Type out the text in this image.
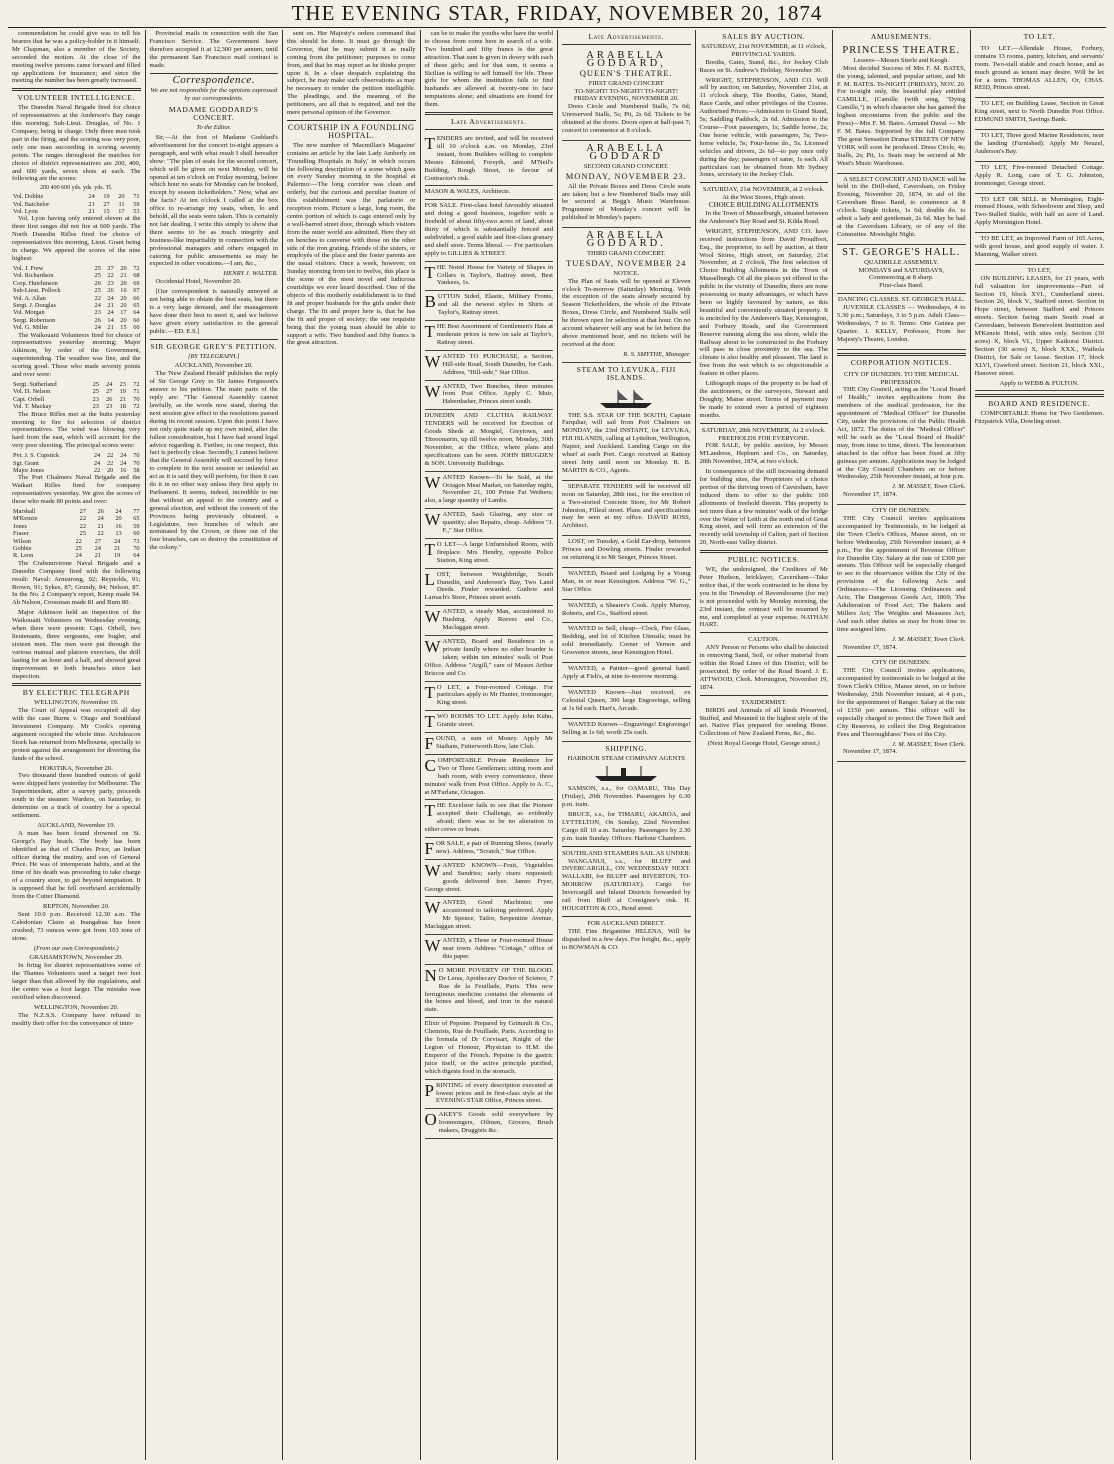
THE EVENING STAR, FRIDAY, NOVEMBER 20, 1874

commendation he could give was to tell his hearers that he was a policy-holder in it himself. Mr Chapman, also a member of the Society, seconded the motion. At the close of the meeting twelve persons came forward and filled up applications for insurance; and since the meeting the number has been greatly increased.

VOLUNTEER INTELLIGENCE.

The Dunedin Naval Brigade fired for choice of representatives at the Anderson's Bay range this morning; Sub-Lieut. Douglas, of No. 1 Company, being in charge. Only three men took part in the firing, and the scoring was very poor, only one man succeeding in scoring seventy points. The ranges throughout the matches for choice of district representatives are 200, 400, and 600 yards, seven shots at each. The following are the scores:

200 400 600 yds. yds. yds. Tl.
Vol. Dobbie	24	19	20	71
Vol. Batchelor	21	27	11	59
Vol. Lyon	21	15	17	53

Vol. Lyon having only entered eleven at the three first ranges did not fire at 600 yards. The North Dunedin Rifles fired for choice of representatives this morning, Lieut. Grant being in charge. We append the scores of the nine highest:

Vol. J. Frew	25	27	20	72
Vol. Richardson	25	22	21	68
Corp. Hutchinson	26	23	20	69
Sub-Lieut. Pollock	25	26	16	67
Vol. A. Allan	22	24	20	66
Sergt. J. Douglas	24	21	20	65
Vol. Morgan	23	24	17	64
Sergt. Robertson	26	14	20	60
Vol. G. Miller	24	21	15	60

The Waikouaiti Volunteers fired for choice of representatives yesterday morning; Major Atkinson, by order of the Government, superintending. The weather was fine, and the scoring good. Those who made seventy points and over were:

Sergt. Sutherland	25	24	23	72
Vol. D. Nelson	25	27	19	71
Capt. Orbell	23	26	21	70
Vol. T. Mackay	23	23	18	72

The Bruce Rifles met at the butts yesterday morning to fire for selection of district representatives. The wind was blowing very hard from the east, which will account for the very poor shooting. The principal scores were:

Pvt. J. S. Cupstick	24	22	24	70
Sgt. Grant	24	22	24	70
Major Jones	22	20	16	58

The Port Chalmers Naval Brigade and the Waikari Rifles fired for company representatives yesterday. We give the scores of those who made 80 points and over:

Marshall	27	26	24	77
M'Kenzie	22	24	20	65
Jones	22	21	16	59
Fraser	25	22	13	60
Wilson	22	27	24	73
Gobbie	25	24	21	70
R. Leon	24	21	19	64

The Crabsnuvirone Naval Brigade and a Dunedin Company fired with the following result: Naval: Armstrong, 92; Reynolds, 91; Brown, 91; Sykes, 87; Grundy, 84; Nelson, 87. In the No. 2 Company's report, Kemp made 94. Ah Nelson, Crossman made 81 and Burn 80.

Major Atkinson held an inspection of the Waikouaiti Volunteers on Wednesday evening, when there were present: Capt. Orbell, two lieutenants, three sergeants, one bugler, and sixteen men. The men were put through the various manual and platoon exercises, the drill lasting for an hour and a half, and showed great improvement in both branches since last inspection.

BY ELECTRIC TELEGRAPH
WELLINGTON, November 19.

The Court of Appeal was occupied all day with the case Burns v. Otago and Southland Investment Company. Mr Cook's opening argument occupied the whole time. Archdeacon Stock has returned from Melbourne, specially to protest against the arrangement for diverting the funds of the school.

HOKITIKA, November 20.

Two thousand three hundred ounces of gold were shipped here yesterday for Melbourne. The Superintendent, after a survey party, proceeds south in the steamer. Warders, on Saturday, to determine on a track of country for a special settlement.

AUCKLAND, November 19.

A man has been found drowned on St. George's Bay beach. The body has been identified as that of Charles Price, an Indian officer during the mutiny, and son of General Price. He was of intemperate habits, and at the time of his death was proceeding to take charge of a country store, to get beyond temptation. It is supposed that he fell overboard accidentally from the Cutter Diamond.

REPTON, November 20.

Sent 10.0 p.m. Received 12.30 a.m. The Caledonian Claim at Inangahua has been crushed; 73 ounces were got from 103 tons of stone.

(From our own Correspondents.)
GRAHAMSTOWN, November 20.

In firing for district representatives some of the Thames Volunteers used a target two feet larger than that allowed by the regulations, and the centre was a foot larger. The mistake was rectified when discovered.

WELLINGTON, November 20.

The N.Z.S.S. Company have refused to modify their offer for the conveyance of inter-

Provincial mails in connection with the San Francisco Service. The Government have therefore accepted it at 12,300 per annum, until the permanent San Francisco mail contract is made.

Correspondence.
We are not responsible for the opinions expressed by our correspondents.
MADAME GODDARD'S CONCERT.
To the Editor.

Sir,—At the foot of Madame Goddard's advertisement for the concert to-night appears a paragraph, and with what result I shall hereafter show: "The plan of seats for the second concert, which will be given on next Monday, will be opened at ten o'clock on Friday morning, before which hour no seats for Monday can be booked, except by season ticketholders." Now, what are the facts? At ten o'clock I called at the box office to re-arrange my seats, when, lo and behold, all the seats were taken. This is certainly not fair dealing. I write this simply to show that there seems to be as much integrity and business-like impartiality in connection with the professional managers and others engaged in catering for public amusements as may be expected in other vocations.—I am, &c.,

HENRY J. WALTER.

Occidental Hotel, November 20.

[Our correspondent is naturally annoyed at not being able to obtain the best seats, but there is a very large demand, and the management have done their best to meet it, and we believe have given every satisfaction to the general public.—ED. E.S.]

SIR GEORGE GREY'S PETITION.
[BY TELEGRAPH.]
AUCKLAND, November 20.

The 'New Zealand Herald' publishes the reply of Sir George Grey to Sir James Fergusson's answer to his petition. The main parts of the reply are: "The General Assembly cannot lawfully, as the words now stand, during the next session give effect to the resolutions passed during its recent session. Upon this point I have not only quite made up my own mind, after the fullest consideration, but I have had sound legal advice regarding it. Further, in one respect, this fact is perfectly clear. Secondly, I cannot believe that the General Assembly will succeed by force to complete in the next session so unlawful an act as it is said they will perform, for then it can do it in no other way unless they first apply to Parliament. It seems, indeed, incredible to me that without an appeal to the country and a general election, and without the consent of the Provinces being previously obtained, a Legislature, two branches of which are nominated by the Crown, or three out of the four branches, can so destroy the constitution of the colony."

sent on. Her Majesty's orders command that this should be done. It must go through the Governor, that he may submit it as really coming from the petitioner; purposes to come from, and that he may report as he thinks proper upon it. In a clear despatch explaining the subject, he may make such observations as may be necessary to render the petition intelligible. The pleadings, and the meaning of the petitioners, are all that is required, and not the mere personal opinion of the Governor.

COURTSHIP IN A FOUNDLING HOSPITAL.

The new number of 'Macmillan's Magazine' contains an article by the late Lady Amberly on 'Foundling Hospitals in Italy,' in which occurs the following description of a scene which goes on every Sunday morning in the hospital at Palermo:—The long corridor was clean and orderly, but the curious and peculiar feature of this establishment was the parlatorio or reception room. Picture a large, long room, the centre portion of which is cage entered only by a well-barred street door, through which visitors from the outer world are admitted. Here they sit on benches to converse with those on the other side of the iron grating. Friends of the sisters, or employés of the place and the foster parents are the usual visitors. Once a week, however, on Sunday morning from ten to twelve, this place is the scene of the most novel and ludicrous courtships we ever heard described. One of the objects of this motherly establishment is to find fit and proper husbands for the girls under their charge. The fit and proper here is, that he has the fit and proper of society; the one requisite being that the young man should be able to support a wife. Two hundred and fifty francs is the great attraction.

can be to make the youths who have the world to choose from come here in search of a wife. Two hundred and fifty francs is the great attraction. That sum is given in dowry with each of these girls; and for that sum, it seems a Sicilian is willing to sell himself for life. These girls for whom the institution fails to find husbands are allowed at twenty-one to face temptations alone; and situations are found for them.

Late Advertisements.
TENDERS are invited, and will be received till 10 o'clock a.m. on Monday, 23rd instant, from Builders willing to complete Messrs Edmond, Forsyth, and M'Neil's Building, Rough Street, in favour of Contractor's risk.
MASON & WALES, Architects.
FOR SALE. First-class hotel favorably situated and doing a good business, together with a freehold of about fifty-two acres of land, about thirty of which is substantially fenced and subdivided, a good stable and first-class granary and shelf store. Terms liberal. — For particulars apply to GILLIES & STREET.
THE Noted House for Variety of Shapes in Collars is Taylor's, Rattray street, Best Yankees, 1s.
BUTTON Sided, Elastic, Military Fronts, and all the newest styles in Shirts at Taylor's, Rattray street.
THE Best Assortment of Gentlemen's Hats at moderate prices is now on sale at Taylor's, Rattray street.
WANTED TO PURCHASE, a Section, Hill-side Road, South Dunedin, for Cash. Address, "Hill-side," Star Office.
WANTED, Two Bunches, three minutes from Post Office. Apply C. Muir, Haberdasher, Princes street south.
DUNEDIN AND CLUTHA RAILWAY. TENDERS will be received for Erection of Goods Sheds at Mosgiel, Greytown, and Titooonairin, up till twelve noon, Monday, 30th November, at the Office, where plans and specifications can be seen. JOHN BRUGDEN & SON. University Buildings.
WANTED Known—To be Sold, at the Octagon Meat Market, on Saturday night, November 21, 100 Prime Fat Wethers; also, a large quantity of Lambs.
WANTED, Sash Glazing, any size or quantity; also Repairs, cheap. Address "J. F.," Star Office.
T O LET—A large Unfurnished Room, with fireplace. Mrs Hendry, opposite Police Station, King street.
LOST, between Weighbridge, South Dunedin, and Anderson's Bay, Two Land Deeds. Finder rewarded. Guthrie and Larnach's Store, Princes street south.
WANTED, a steady Man, accustomed to Bushing. Apply Reeves and Co., Maclaggan street.
WANTED, Board and Residence in a private family where no other boarder is taken; within ten minutes' walk of Post Office. Address "Argill," care of Messrs Arthur Briscoe and Co.
T O LET, a Four-roomed Cottage. For particulars apply to Mr Hunter, ironmonger, King street.
TWO ROOMS TO LET. Apply John Kuhn, Granite street.
FOUND, a sum of Money. Apply Mr Statham, Futterworth Row, late Club.
COMFORTABLE Private Residence for Two or Three Gentlemen; sitting room and bath room, with every convenience, three minutes' walk from Post Office. Apply to A. C., at M'Farlane, Octagon.
THE Excelsior fails to see that the Pioneer accepted their Challenge, as evidently afraid; there was to be no alteration in either crews or boats.
FOR SALE, a pair of Running Shoes, (nearly new). Address, "Scratch," Star Office.
WANTED KNOWN—Fruit, Vegetables and Sundries; early risers requested; goods delivered free. James Fryer, George street.
WANTED, Good Machinist; one accustomed to tailoring preferred. Apply Mr Spence, Tailor, Serpentine Avenue, Maclaggan street.
WANTED, a Three or Four-roomed House near town. Address "Cottage," office of this paper.
N O MORE POVERTY OF THE BLOOD. Dr Leras, Apothecary Doctor of Science, 7 Rue de la Feuillade, Paris. This new ferruginous medicine contains the elements of the bones and blood, and iron in the natural state.
Elixir of Pepsine. Prepared by Grimault & Co., Chemists, Rue de Feuillade, Paris. According to the formula of Dr Corvisart, Knight of the Legion of Honour, Physician to H.M. the Emperor of the French. Pepsine is the gastric juice itself, or the active principle purified, which digests food in the stomach.
PRINTING of every description executed at lowest prices and in first-class style at the EVENING STAR Office, Princes street.
OAKEY'S Goods sold everywhere by Ironmongers, Oilmen, Grocers, Brush makers, Druggists &c.
Late Advertisements.
ARABELLA GODDARD,
QUEEN'S THEATRE.
FIRST GRAND CONCERT
TO-NIGHT! TO-NIGHT! TO-NIGHT!
FRIDAY EVENING, NOVEMBER 20.

Dress Circle and Numbered Stalls, 7s 6d; Unreserved Stalls, 5s; Pit, 2s 6d. Tickets to be obtained at the doors. Doors open at half-past 7; concert to commence at 8 o'clock.

ARABELLA GODDARD
SECOND GRAND CONCERT.
MONDAY, NOVEMBER 23.

All the Private Boxes and Dress Circle seats are taken; but a few Numbered Stalls may still be secured at Begg's Music Warehouse. Programme of Monday's concert will be published in Monday's papers.

ARABELLA GODDARD.
THIRD GRAND CONCERT.
TUESDAY, NOVEMBER 24
NOTICE.

The Plan of Seats will be opened at Eleven o'clock To-morrow (Saturday) Morning. With the exception of the seats already secured by Season Ticketholders, the whole of the Private Boxes, Dress Circle, and Numbered Stalls will be thrown open for selection at that hour. On no account whatever will any seat be let before the above mentioned hour, and no tickets will be received at the door.

R. S. SMYTHE, Manager.
STEAM TO LEVUKA, FIJI ISLANDS.

THE S.S. STAR OF THE SOUTH, Captain Farquhar, will sail from Port Chalmers on MONDAY, the 23rd INSTANT, for LEVUKA, FIJI ISLANDS, calling at Lyttelton, Wellington, Napier, and Auckland. Landing Cargo on the wharf at each Port. Cargo received at Rattray street Jetty until noon on Monday. R. B. MARTIN & CO., Agents.

SEPARATE TENDERS will be received till noon on Saturday, 28th inst., for the erection of a Two-storied Concrete Store, for Mr Robert Johnston, Filleul street. Plans and specifications may be seen at my office. DAVID ROSS, Architect.

LOST, on Tuesday, a Gold Ear-drop, between Princes and Dowling streets. Finder rewarded on returning it to Mr Seeger, Princes Street.

WANTED, Board and Lodging by a Young Man, in or near Kensington. Address "W. G.," Star Office.

WANTED, a Shearer's Cook. Apply Murray, Roberts, and Co., Stafford street.

WANTED to Sell, cheap—Clock, Fire Glass, Bedding, and lot of Kitchen Utensils; must be sold immediately. Corner of Vernon and Grosvenor streets, near Kensington Hotel.

WANTED, a Painter—good general hand. Apply at Fish's, at nine to-morrow morning.

WANTED Known—Just received, ex Celestial Queen, 300 large Engravings, selling at 1s 6d each. Hart's, Arcade.

WANTED Known—Engravings! Engravings! Selling at 1s 6d; worth 25s each.

SHIPPING.
HARBOUR STEAM COMPANY AGENTS

SAMSON, s.s., for OAMARU, This Day (Friday), 20th November. Passengers by 6.30 p.m. train.

BRUCE, s.s., for TIMARU, AKAROA, and LYTTELTON, On Sunday, 22nd November. Cargo till 10 a.m. Saturday. Passengers by 2.30 p.m. train Sunday. Offices: Harbour Chambers.

SOUTHLAND STEAMERS SAIL AS UNDER:

WANGANUI, s.s., for BLUFF and INVERCARGILL, ON WEDNESDAY NEXT. WALLABI, for BLUFF and RIVERTON, TO-MORROW (SATURDAY). Cargo for Invercargill and Inland Districts forwarded by rail from Bluff at Consignee's risk. H. HOUGHTON & CO., Bond street.

FOR AUCKLAND DIRECT.

THE Fine Brigantine HELENA, Will be dispatched in a few days. For freight, &c., apply to BOWMAN & CO.

SALES BY AUCTION.
SATURDAY, 21st NOVEMBER, at 11 o'clock, PROVINCIAL YARDS.

Booths, Gates, Stand, &c., for Jockey Club Races on St. Andrew's Holiday, November 30.

WRIGHT, STEPHENSON, AND CO. Will sell by auction, on Saturday, November 21st, at 11 o'clock sharp, The Booths, Gates, Stand, Race Cards, and other privileges of the Course. Authorised Prices:—Admission to Grand Stand, 5s; Saddling Paddock, 2s 6d. Admission to the Course—Foot passengers, 1s; Saddle horse, 2s; One horse vehicle, with passengers, 5s; Two-horse vehicle, 5s; Four-horse do., 5s. Licensed vehicles and drivers, 2s 6d—to pay once only during the day; passengers of same, 1s each. All particulars can be obtained from Mr Sydney Jones, secretary to the Jockey Club.

SATURDAY, 21st NOVEMBER, at 2 o'clock. At the West Stores, High street.
CHOICE BUILDING ALLOTMENTS

In the Town of Musselburgh, situated between the Anderson's Bay Road and St. Kilda Road.

WRIGHT, STEPHENSON, AND CO. have received instructions from David Proudfoot, Esq., the proprietor, to sell by auction, at their Wool Stores, High street, on Saturday, 21st November, at 2 o'clock, The first selection of Choice Building Allotments in the Town of Musselburgh. Of all the places yet offered to the public in the vicinity of Dunedin, there are none possessing so many advantages, or which have been so highly favoured by nature, as this beautiful and conveniently situated property. It is encircled by the Anderson's Bay, Kensington, and Forbury Roads, and the Government Reserve running along the sea shore, while the Railway about to be constructed to the Forbury will pass in close proximity to the sea. The climate is also healthy and pleasant. The land is free from the wet which is so objectionable a feature in other places.

Lithograph maps of the property to be had of the auctioneers, or the surveyors, Stewart and Doughty, Manse street. Terms of payment may be made to extend over a period of eighteen months.

SATURDAY, 28th NOVEMBER, At 2 o'clock.
FREEHOLDS FOR EVERYONE.

FOR SALE, by public auction, by Messrs M'Landress, Hepburn and Co., on Saturday, 28th November, 1874, at two o'clock.

In consequence of the still increasing demand for building sites, the Proprietors of a choice portion of the thriving town of Caversham, have induced them to offer to the public 160 allotments of freehold therein. This property is not more than a few minutes' walk of the bridge over the Water of Leith at the north end of Great King street, and will form an extension of the recently sold township of Calton, part of Section 20, North-east Valley district.

PUBLIC NOTICES.

WE, the undersigned, the Creditors of Mr Peter Hudson, bricklayer, Caversham—Take notice that, if the work contracted to be done by you in the Township of Ravensbourne (for me) is not proceeded with by Monday morning, the 23rd instant, the contract will be resumed by me, and completed at your expense. NATHAN HART.

CAUTION.

ANY Person or Persons who shall be detected in removing Sand, Soil, or other material from within the Road Lines of this District, will be prosecuted. By order of the Road Board. J. E. ATTWOOD, Clerk. Mornington, November 19, 1874.

TAXIDERMIST.

BIRDS and Animals of all kinds Preserved, Stuffed, and Mounted in the highest style of the art. Native Flax prepared for sending Home. Collections of New Zealand Ferns, &c., &c.

(Next Royal George Hotel, George street.)
AMUSEMENTS.
PRINCESS THEATRE.
Lessees—Messrs Steele and Keogh.

Most decided Success of Mrs F. M. BATES, the young, talented, and popular artiste, and Mr F. M. BATES. To-NIGHT (FRIDAY), NOV. 20. For to-night only, the beautiful play entitled CAMILLE, (Camille (with song, "Dying Camille,") in which character she has gained the highest encomiums from the public and the Press)—Mrs F. M. Bates. Armand Duval — Mr F. M. Bates. Supported by the full Company. The great Sensation Drama STREETS OF NEW YORK will soon be produced. Dress Circle, 4s; Stalls, 2s; Pit, 1s. Seats may be secured at Mr West's Music Warehouse.

A SELECT CONCERT AND DANCE will be held in the Drill-shed, Caversham, on Friday Evening, November 20, 1874, in aid of the Caversham Brass Band, to commence at 8 o'clock. Single tickets, 1s 6d; double do. to admit a lady and gentleman, 2s 6d. May be had at the Caversham Library, or of any of the Committee. Moonlight Night.

ST. GEORGE'S HALL.
QUADRILLE ASSEMBLY.
MONDAYS and SATURDAYS,
Commencing at 8 sharp.
First-class Band.
DANCING CLASSES. ST. GEORGE'S HALL.

JUVENILE CLASSES — Wednesdays, 4 to 5.30 p.m.; Saturdays, 3 to 5 p.m. Adult Class—Wednesdays, 7 to 9. Terms: One Guinea per Quarter. J. KELLY, Professor, From her Majesty's Theatre, London.

CORPORATION NOTICES.
CITY OF DUNEDIN. TO THE MEDICAL PROFESSION.

THE City Council, acting as the "Local Board of Health," invites applications from the members of the medical profession, for the appointment of "Medical Officer" for Dunedin City, under the provisions of the Public Health Act, 1872. The duties of the "Medical Officer" will be such as the "Local Board of Health" may, from time to time, direct. The honorarium attached to the office has been fixed at fifty guineas per annum. Applications may be lodged at the City Council Chambers on or before Wednesday, 25th November instant, at four p.m.

J. M. MASSEY, Town Clerk.

November 17, 1874.

CITY OF DUNEDIN.

THE City Council invites applications accompanied by Testimonials, to be lodged at the Town Clerk's Offices, Manse street, on or before Wednesday, 25th November instant, at 4 p.m., For the appointment of Revenue Officer for Dunedin City. Salary at the rate of £300 per annum. This Officer will be especially charged to see to the observance within the City of the provisions of the following Acts and Ordinances:—The Licensing Ordinances and Acts; The Dangerous Goods Act, 1869; The Adulteration of Food Act; The Bakers and Millers Act; The Weights and Measures Act; And such other duties as may be from time to time assigned him.

J. M. MASSEY, Town Clerk.

November 17, 1874.

CITY OF DUNEDIN.

THE City Council invites applications, accompanied by testimonials to be lodged at the Town Clerk's Office, Manse street, on or before Wednesday, 25th November instant, at 4 p.m., for the appointment of Ranger. Salary at the rate of £150 per annum. This officer will be especially charged to protect the Town Belt and City Reserves, to collect the Dog Registration Fees and Thoroughfares' Fees of the City.

J. M. MASSEY, Town Clerk.

November 17, 1874.

TO LET.

TO LET.—Allendale House, Forbury, contains 13 rooms, pantry, kitchen, and servants' room. Two-stall stable and coach house, and as much ground as tenant may desire. Will be let for a term. THOMAS ALLEN, Or, CHAS. REID, Princes street.

TO LET, on Building Lease, Section in Great King street, next to North Dunedin Post Office. EDMUND SMITH, Savings Bank.

TO LET, Three good Marine Residences, near the landing (Furnished). Apply Mr Neuzel, Anderson's Bay.

TO LET, Five-roomed Detached Cottage. Apply R. Long, care of T. G. Johnston, ironmonger, George street.

TO LET OR SELL in Mornington, Eight-roomed House, with Schoolroom and Shop, and Two-Stalled Stable, with half an acre of Land. Apply Mornington Hotel.

TO BE LET, an Improved Farm of 165 Acres, with good house, and good supply of water. J. Manning, Walker street.

TO LET,

ON BUILDING LEASES, for 21 years, with full valuation for improvements—Part of Section 19, block XVI., Cumberland street. Section 26, block V., Stafford street. Section in Hope street, between Stafford and Princes streets. Section facing main South road at Caversham, between Benevolent Institution and M'Kenzie Hotel, with sites only. Section (30 acres) X, block VI., Upper Kaikorai District. Section (30 acres) X, block XXX., Waihola District, for Sale or Lease. Section 17, block XLVI, Crawford street. Section 21, block XXI., Hanover street.

Apply to WEBB & FULTON.
BOARD AND RESIDENCE.

COMFORTABLE Home for Two Gentlemen. Fitzpatrick Villa, Dowling street.
